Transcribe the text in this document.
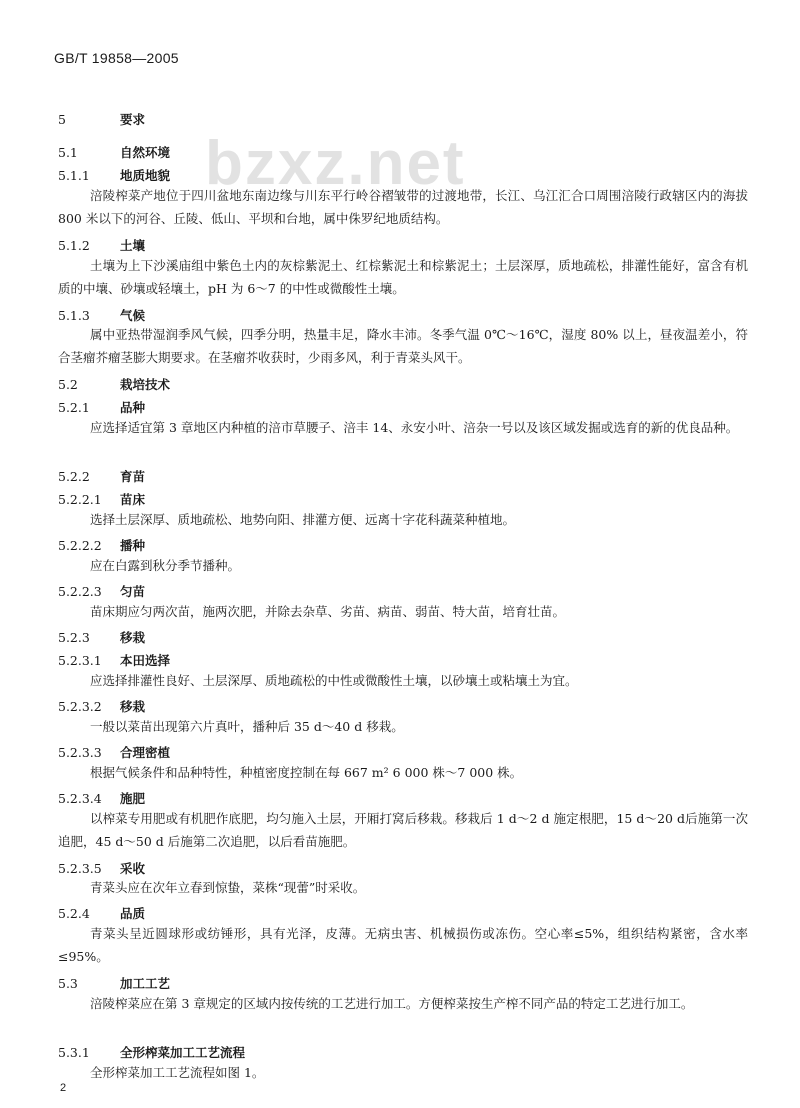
GB/T 19858—2005
bzxz.net
5	要求
5.1	自然环境
5.1.1 地质地貌
涪陵榨菜产地位于四川盆地东南边缘与川东平行岭谷褶皱带的过渡地带，长江、乌江汇合口周围涪陵行政辖区内的海拔 800 米以下的河谷、丘陵、低山、平坝和台地，属中侏罗纪地质结构。
5.1.2 土壤
土壤为上下沙溪庙组中紫色土内的灰棕紫泥土、红棕紫泥土和棕紫泥土；土层深厚，质地疏松，排灌性能好，富含有机质的中壤、砂壤或轻壤土，pH 为 6～7 的中性或微酸性土壤。
5.1.3 气候
属中亚热带湿润季风气候，四季分明，热量丰足，降水丰沛。冬季气温 0℃～16℃，湿度 80% 以上，昼夜温差小，符合茎瘤芥瘤茎膨大期要求。在茎瘤芥收获时，少雨多风，利于青菜头风干。
5.2	栽培技术
5.2.1 品种
应选择适宜第 3 章地区内种植的涪市草腰子、涪丰 14、永安小叶、涪杂一号以及该区域发掘或选育的新的优良品种。
5.2.2 育苗
5.2.2.1 苗床
选择土层深厚、质地疏松、地势向阳、排灌方便、远离十字花科蔬菜种植地。
5.2.2.2 播种
应在白露到秋分季节播种。
5.2.2.3 匀苗
苗床期应匀两次苗，施两次肥，并除去杂草、劣苗、病苗、弱苗、特大苗，培育壮苗。
5.2.3 移栽
5.2.3.1 本田选择
应选择排灌性良好、土层深厚、质地疏松的中性或微酸性土壤，以砂壤土或粘壤土为宜。
5.2.3.2 移栽
一般以菜苗出现第六片真叶，播种后 35 d～40 d 移栽。
5.2.3.3 合理密植
根据气候条件和品种特性，种植密度控制在每 667 m² 6 000 株～7 000 株。
5.2.3.4 施肥
以榨菜专用肥或有机肥作底肥，均匀施入土层，开厢打窝后移栽。移栽后 1 d～2 d 施定根肥，15 d～20 d后施第一次追肥，45 d～50 d 后施第二次追肥，以后看苗施肥。
5.2.3.5 采收
青菜头应在次年立春到惊蛰，菜株“现蕾”时采收。
5.2.4 品质
青菜头呈近圆球形或纺锤形，具有光泽，皮薄。无病虫害、机械损伤或冻伤。空心率≤5%，组织结构紧密，含水率≤95%。
5.3	加工工艺
涪陵榨菜应在第 3 章规定的区域内按传统的工艺进行加工。方便榨菜按生产榨不同产品的特定工艺进行加工。
5.3.1 全形榨菜加工工艺流程
全形榨菜加工工艺流程如图 1。
2
